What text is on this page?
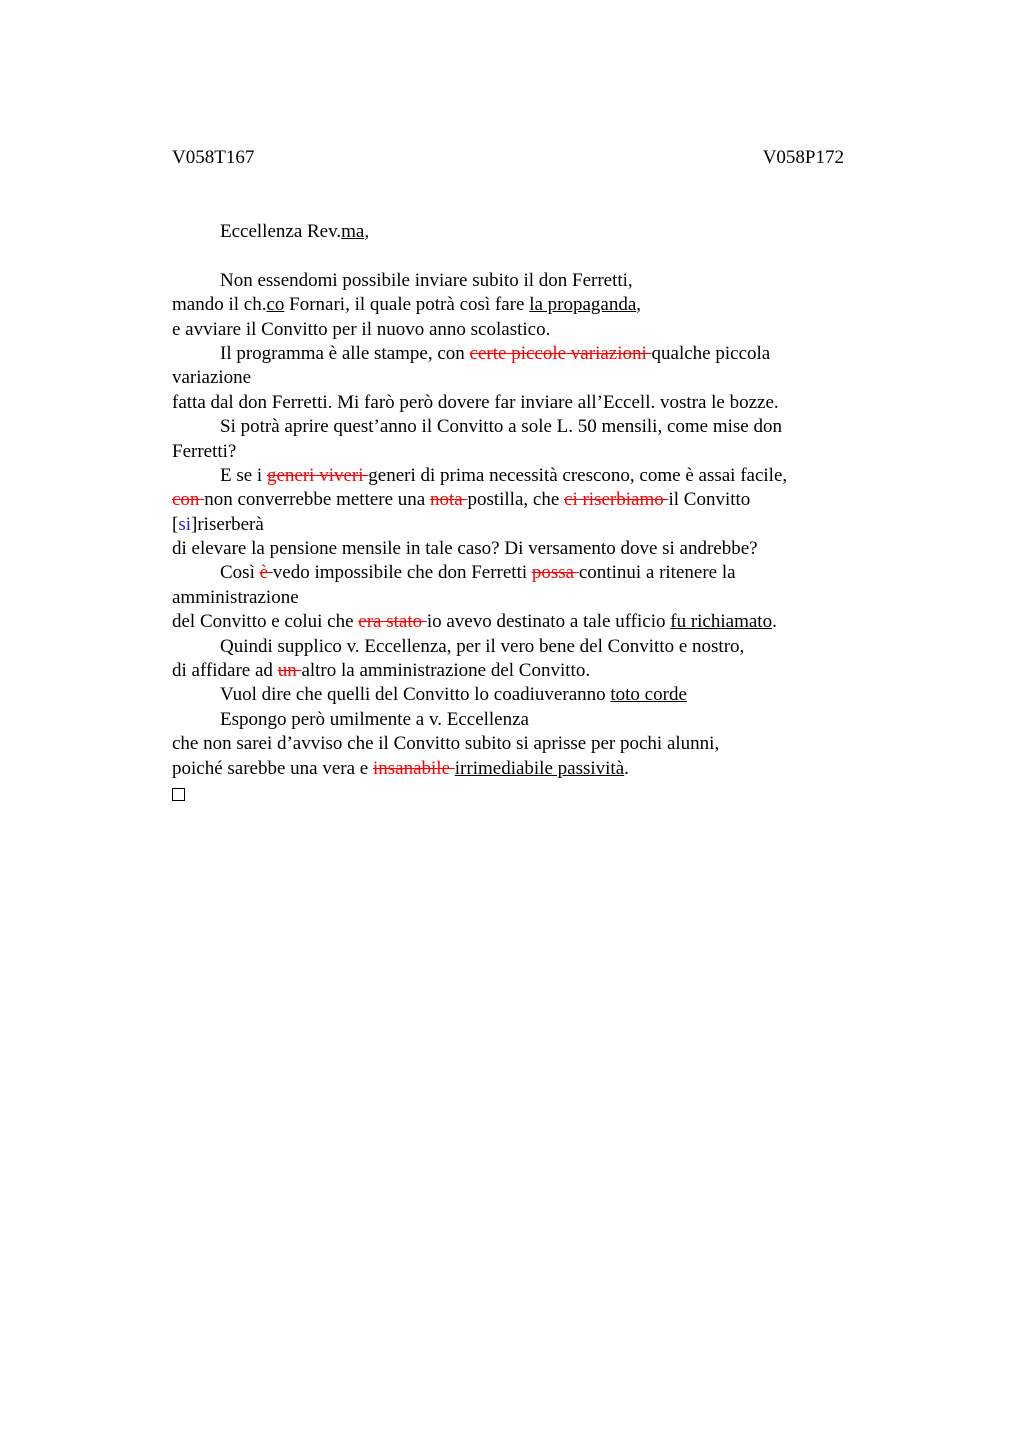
V058T167	V058P172
Eccellenza Rev.ma,
Non essendomi possibile inviare subito il don Ferretti,
mando il ch.co Fornari, il quale potrà così fare la propaganda,
e avviare il Convitto per il nuovo anno scolastico.
Il programma è alle stampe, con certe piccole variazioni qualche piccola
variazione
fatta dal don Ferretti. Mi farò però dovere far inviare all’Eccell. vostra le bozze.
Si potrà aprire quest’anno il Convitto a sole L. 50 mensili, come mise don
Ferretti?
E se i generi viveri generi di prima necessità crescono, come è assai facile,
con non converrebbe mettere una nota postilla, che ci riserbiamo il Convitto
[si]riserberà
di elevare la pensione mensile in tale caso? Di versamento dove si andrebbe?
Così è vedo impossibile che don Ferretti possa continui a ritenere la
amministrazione
del Convitto e colui che era stato io avevo destinato a tale ufficio fu richiamato.
Quindi supplico v. Eccellenza, per il vero bene del Convitto e nostro,
di affidare ad un altro la amministrazione del Convitto.
Vuol dire che quelli del Convitto lo coadiuveranno toto corde
Espongo però umilmente a v. Eccellenza
che non sarei d’avviso che il Convitto subito si aprisse per pochi alunni,
poiché sarebbe una vera e insanabile irrimediabile passività.
